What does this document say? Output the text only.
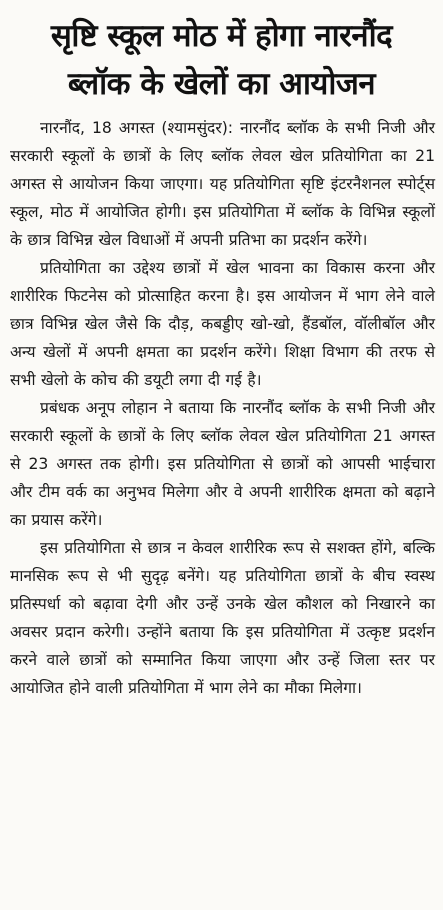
सृष्टि स्कूल मोठ में होगा नारनौंद
ब्लॉक के खेलों का आयोजन

नारनौंद, 18 अगस्त (श्यामसुंदर): नारनौंद ब्लॉक के सभी निजी और सरकारी स्कूलों के छात्रों के लिए ब्लॉक लेवल खेल प्रतियोगिता का 21 अगस्त से आयोजन किया जाएगा। यह प्रतियोगिता सृष्टि इंटरनैशनल स्पोर्ट्स स्कूल, मोठ में आयोजित होगी। इस प्रतियोगिता में ब्लॉक के विभिन्न स्कूलों के छात्र विभिन्न खेल विधाओं में अपनी प्रतिभा का प्रदर्शन करेंगे।

प्रतियोगिता का उद्देश्य छात्रों में खेल भावना का विकास करना और शारीरिक फिटनेस को प्रोत्साहित करना है। इस आयोजन में भाग लेने वाले छात्र विभिन्न खेल जैसे कि दौड़, कबड्डीए खो-खो, हैंडबॉल, वॉलीबॉल और अन्य खेलों में अपनी क्षमता का प्रदर्शन करेंगे। शिक्षा विभाग की तरफ से सभी खेलो के कोच की डयूटी लगा दी गई है।

प्रबंधक अनूप लोहान ने बताया कि नारनौंद ब्लॉक के सभी निजी और सरकारी स्कूलों के छात्रों के लिए ब्लॉक लेवल खेल प्रतियोगिता 21 अगस्त से 23 अगस्त तक होगी। इस प्रतियोगिता से छात्रों को आपसी भाईचारा और टीम वर्क का अनुभव मिलेगा और वे अपनी शारीरिक क्षमता को बढ़ाने का प्रयास करेंगे।

इस प्रतियोगिता से छात्र न केवल शारीरिक रूप से सशक्त होंगे, बल्कि मानसिक रूप से भी सुदृढ़ बनेंगे। यह प्रतियोगिता छात्रों के बीच स्वस्थ प्रतिस्पर्धा को बढ़ावा देगी और उन्हें उनके खेल कौशल को निखारने का अवसर प्रदान करेगी। उन्होंने बताया कि इस प्रतियोगिता में उत्कृष्ट प्रदर्शन करने वाले छात्रों को सम्मानित किया जाएगा और उन्हें जिला स्तर पर आयोजित होने वाली प्रतियोगिता में भाग लेने का मौका मिलेगा।
